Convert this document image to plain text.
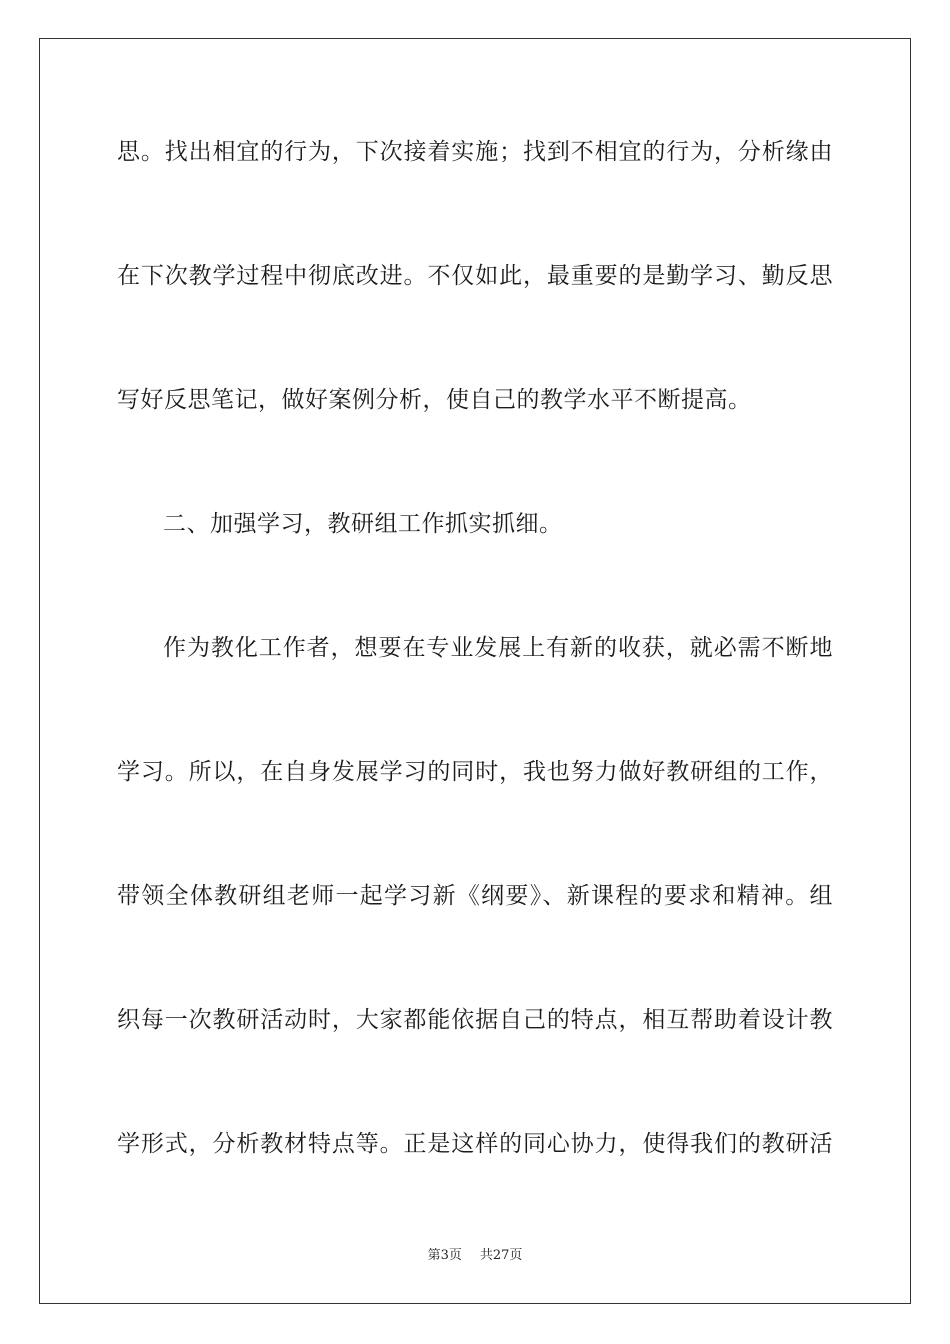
思。找出相宜的行为，下次接着实施；找到不相宜的行为，分析缘由
在下次教学过程中彻底改进。不仅如此，最重要的是勤学习、勤反思
写好反思笔记，做好案例分析，使自己的教学水平不断提高。
二、加强学习，教研组工作抓实抓细。
作为教化工作者，想要在专业发展上有新的收获，就必需不断地
学习。所以，在自身发展学习的同时，我也努力做好教研组的工作，
带领全体教研组老师一起学习新《纲要》、新课程的要求和精神。组
织每一次教研活动时，大家都能依据自己的特点，相互帮助着设计教
学形式，分析教材特点等。正是这样的同心协力，使得我们的教研活
第3页 共27页
